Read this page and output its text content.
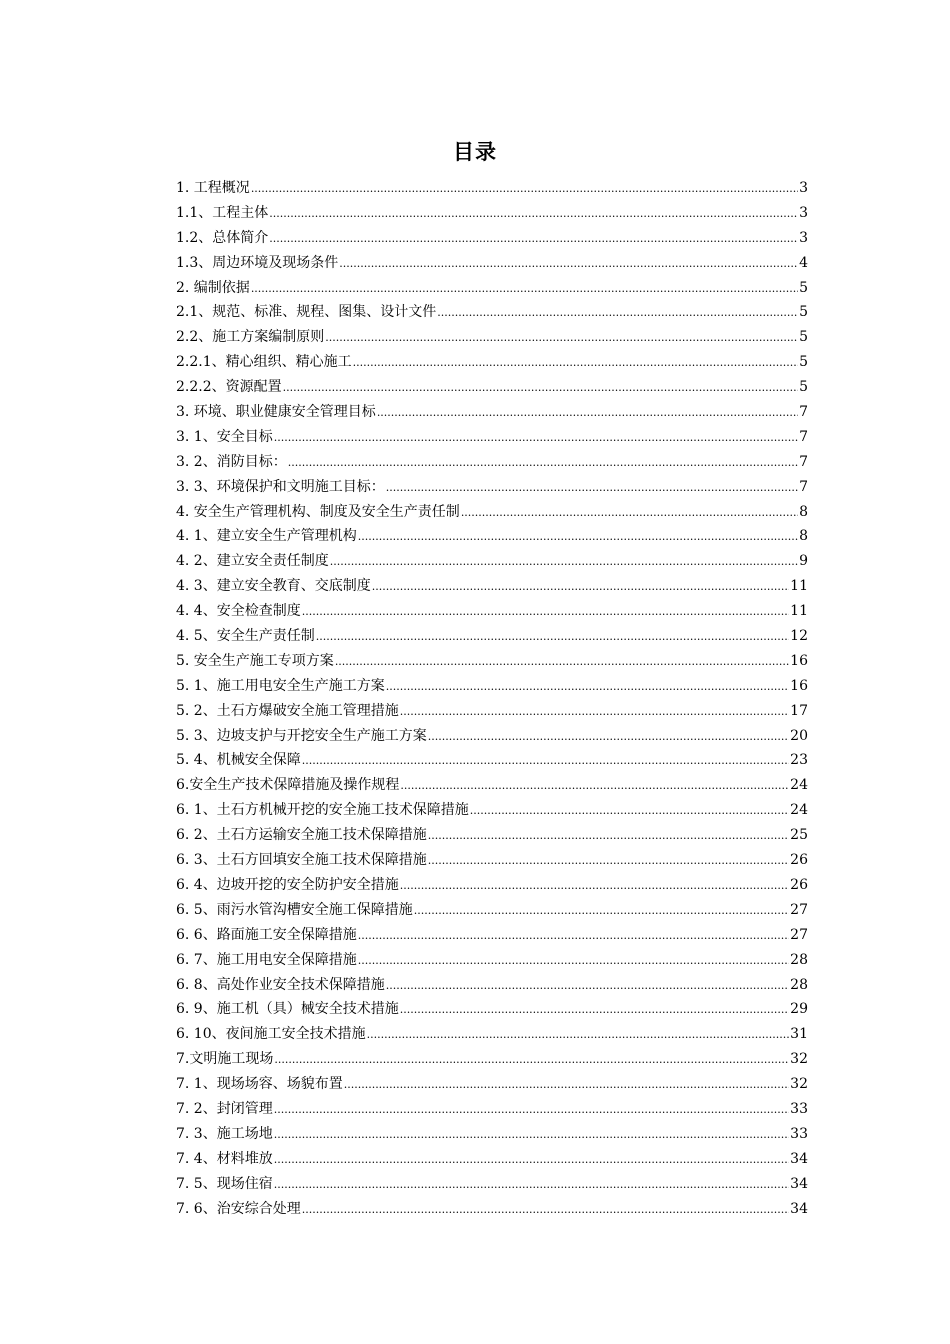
目录
1. 工程概况 .....	3
1.1、工程主体 .....	3
1.2、总体简介 .....	3
1.3、周边环境及现场条件 .....	4
2. 编制依据 .....	5
2.1、规范、标准、规程、图集、设计文件 .....	5
2.2、施工方案编制原则 .....	5
2.2.1、精心组织、精心施工 .....	5
2.2.2、资源配置 .....	5
3. 环境、职业健康安全管理目标 .....	7
3. 1、安全目标 .....	7
3. 2、消防目标： .....	7
3. 3、环境保护和文明施工目标： .....	7
4. 安全生产管理机构、制度及安全生产责任制 .....	8
4. 1、建立安全生产管理机构 .....	8
4. 2、建立安全责任制度 .....	9
4. 3、建立安全教育、交底制度 .....	11
4. 4、安全检查制度 .....	11
4. 5、安全生产责任制 .....	12
5. 安全生产施工专项方案 .....	16
5. 1、施工用电安全生产施工方案 .....	16
5. 2、土石方爆破安全施工管理措施 .....	17
5. 3、边坡支护与开挖安全生产施工方案 .....	20
5. 4、机械安全保障 .....	23
6.安全生产技术保障措施及操作规程 .....	24
6. 1、土石方机械开挖的安全施工技术保障措施 .....	24
6. 2、土石方运输安全施工技术保障措施 .....	25
6. 3、土石方回填安全施工技术保障措施 .....	26
6. 4、边坡开挖的安全防护安全措施 .....	26
6. 5、雨污水管沟槽安全施工保障措施 .....	27
6. 6、路面施工安全保障措施 .....	27
6. 7、施工用电安全保障措施 .....	28
6. 8、高处作业安全技术保障措施 .....	28
6. 9、施工机（具）械安全技术措施 .....	29
6. 10、夜间施工安全技术措施 .....	31
7.文明施工现场 .....	32
7. 1、现场场容、场貌布置 .....	32
7. 2、封闭管理 .....	33
7. 3、施工场地 .....	33
7. 4、材料堆放 .....	34
7. 5、现场住宿 .....	34
7. 6、治安综合处理 .....	34
